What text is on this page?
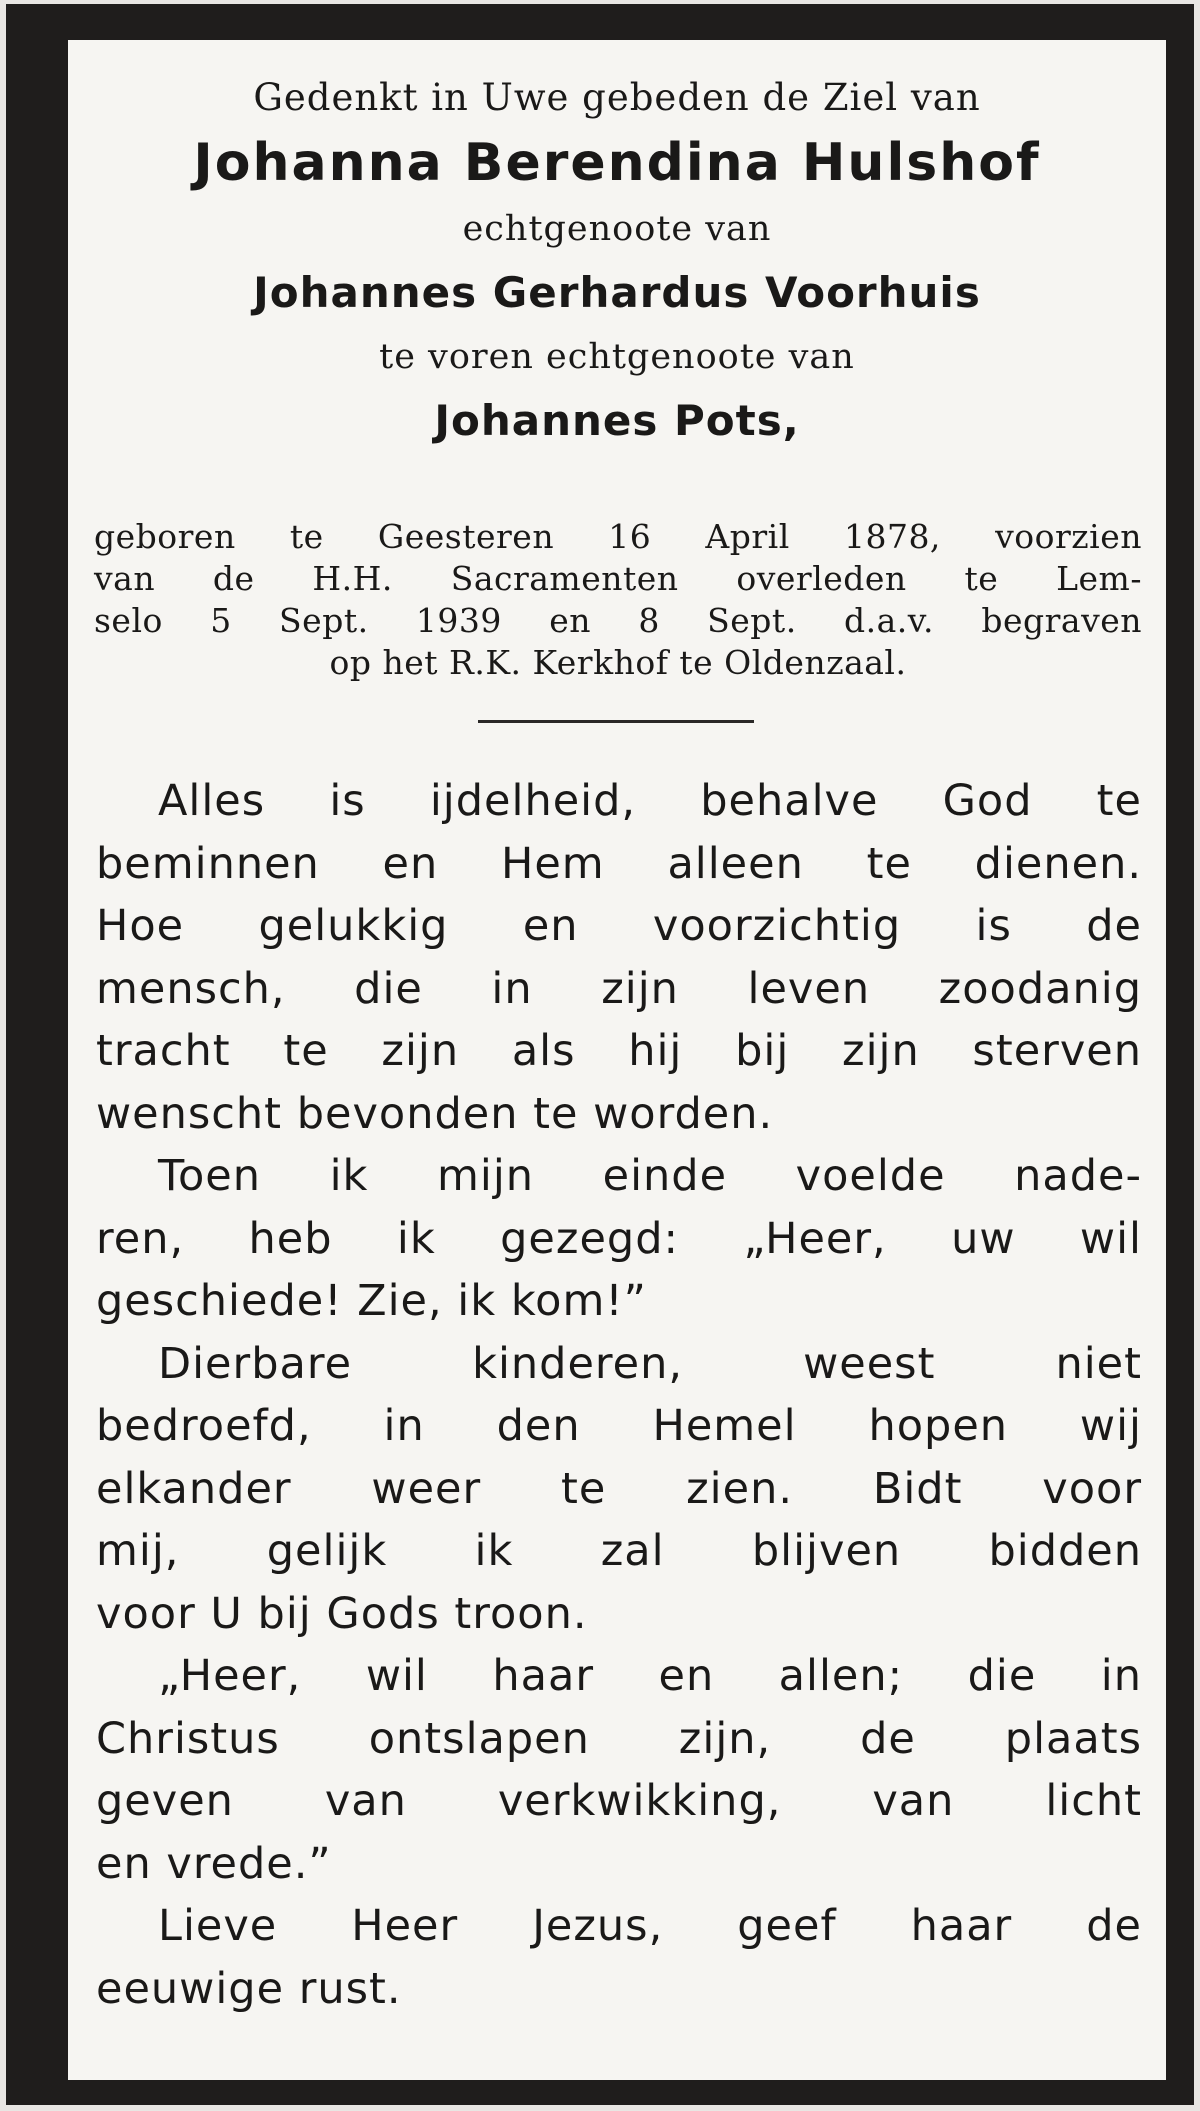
Gedenkt in Uwe gebeden de Ziel van

Johanna Berendina Hulshof

echtgenoote van

Johannes Gerhardus Voorhuis

te voren echtgenoote van

Johannes Pots,

geboren te Geesteren 16 April 1878, voorzien
van de H.H. Sacramenten overleden te Lem-
selo 5 Sept. 1939 en 8 Sept. d.a.v. begraven
op het R.K. Kerkhof te Oldenzaal.
Alles is ijdelheid, behalve God te
beminnen en Hem alleen te dienen.
Hoe gelukkig en voorzichtig is de
mensch, die in zijn leven zoodanig
tracht te zijn als hij bij zijn sterven
wenscht bevonden te worden.
Toen ik mijn einde voelde nade-
ren, heb ik gezegd: „Heer, uw wil
geschiede! Zie, ik kom!”
Dierbare kinderen, weest niet
bedroefd, in den Hemel hopen wij
elkander weer te zien. Bidt voor
mij, gelijk ik zal blijven bidden
voor U bij Gods troon.
„Heer, wil haar en allen; die in
Christus ontslapen zijn, de plaats
geven van verkwikking, van licht
en vrede.”
Lieve Heer Jezus, geef haar de
eeuwige rust.
